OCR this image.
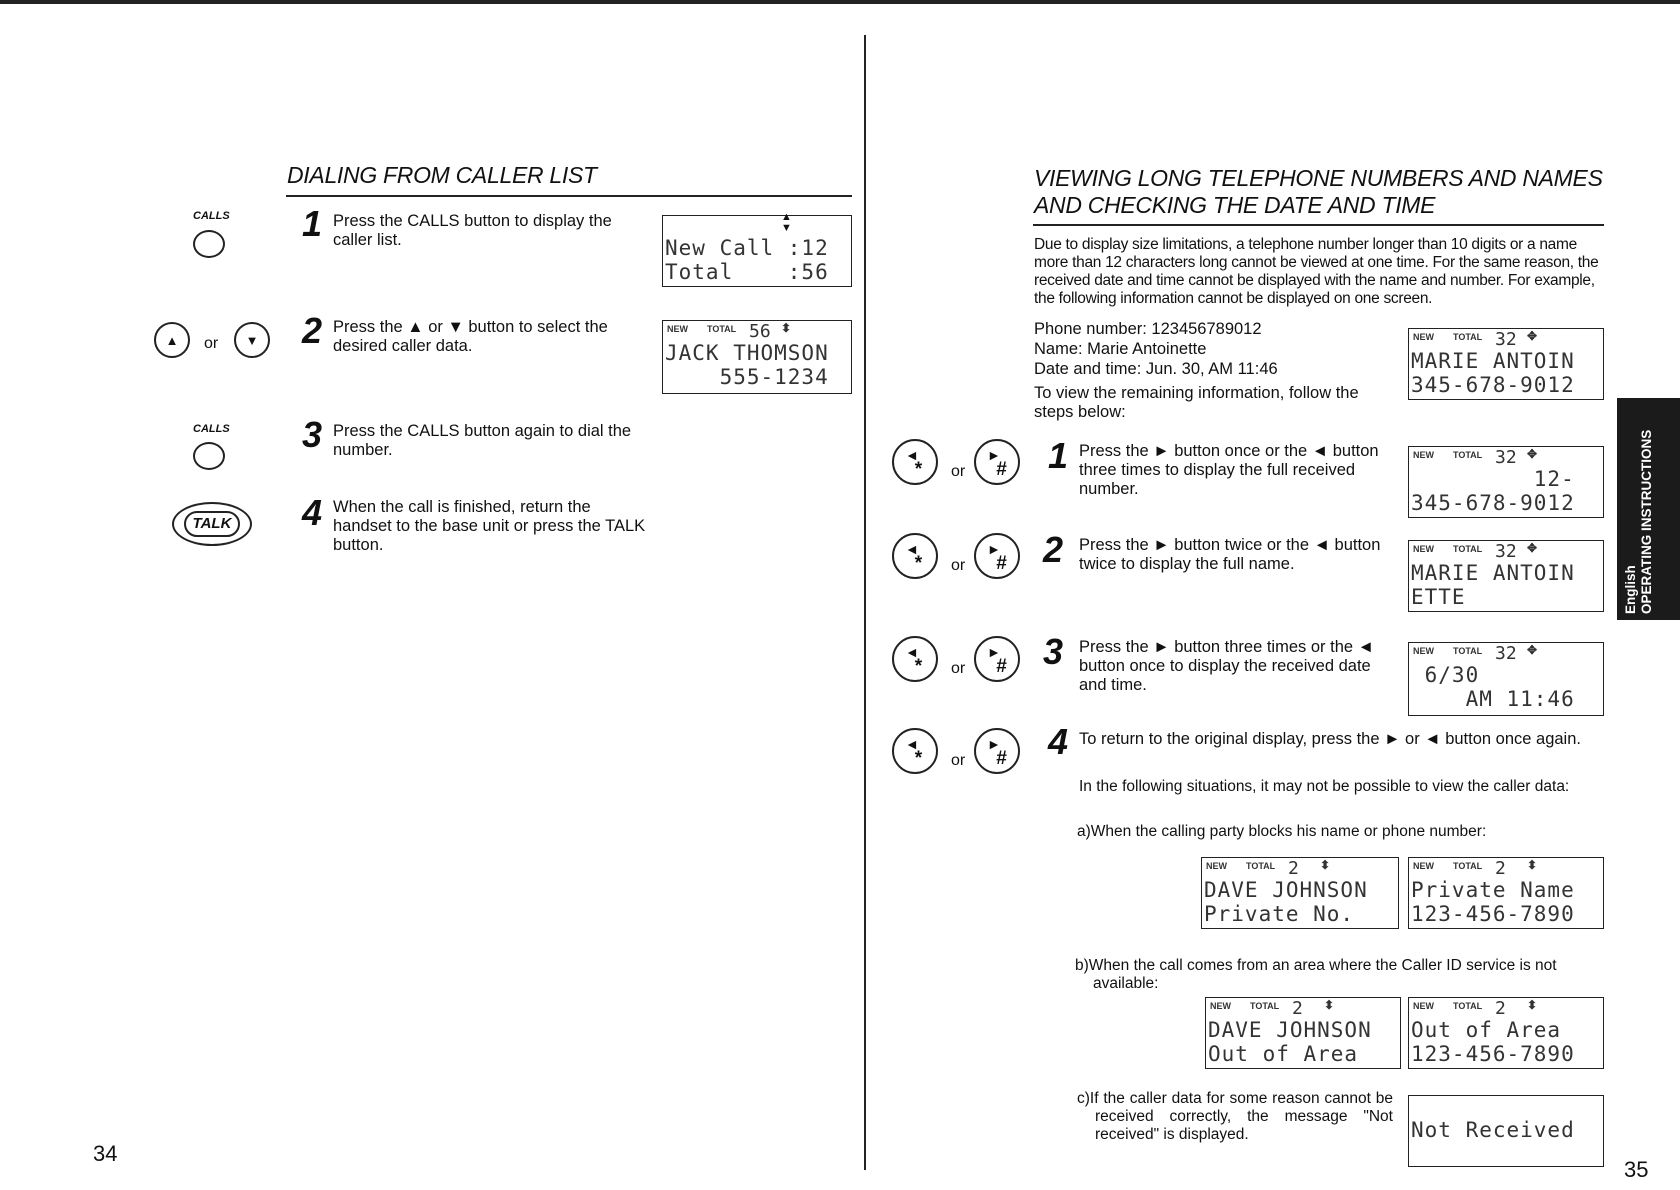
DIALING FROM CALLER LIST
CALLS 1 Press the CALLS button to display the caller list.	New Call :12
Total    :56
▲
▼
▲	or	▼	2 Press the ▲ or ▼ button to select the desired caller data.
NEW TOTAL 56 ⬍
JACK THOMSON
555-1234
CALLS 3 Press the CALLS button again to dial the number.
TALK 4 When the call is finished, return the handset to the base unit or press the TALK button.
34
VIEWING LONG TELEPHONE NUMBERS AND NAMES
AND CHECKING THE DATE AND TIME
Due to display size limitations, a telephone number longer than 10 digits or a name more than 12 characters long cannot be viewed at one time. For the same reason, the received date and time cannot be displayed with the name and number. For example, the following information cannot be displayed on one screen.
Phone number: 123456789012
Name: Marie Antoinette
Date and time: Jun. 30, AM 11:46
To view the remaining information, follow the steps below:
NEW TOTAL 32 ✥
MARIE ANTOIN
345-678-9012
◄
* or
►
# 1 Press the ► button once or the ◄ button three times to display the full received number.
NEW TOTAL 32 ✥
12-
345-678-9012
◄
* or
►
# 2 Press the ► button twice or the ◄ button twice to display the full name.
NEW TOTAL 32 ✥
MARIE ANTOIN
ETTE
◄
* or
►
# 3 Press the ► button three times or the ◄ button once to display the received date and time.
NEW TOTAL 32 ✥
6/30
AM 11:46
◄
* or
►
# 4 To return to the original display, press the ► or ◄ button once again.
In the following situations, it may not be possible to view the caller data:
a)When the calling party blocks his name or phone number:
NEW TOTAL 2 ⬍
DAVE JOHNSON
Private No.
NEW TOTAL 2 ⬍
Private Name
123-456-7890
b)When the call comes from an area where the Caller ID service is not available:
NEW TOTAL 2 ⬍
DAVE JOHNSON
Out of Area
NEW TOTAL 2 ⬍
Out of Area
123-456-7890
c)If the caller data for some reason cannot be received correctly, the message "Not received" is displayed.	Not Received
English OPERATING INSTRUCTIONS
35
